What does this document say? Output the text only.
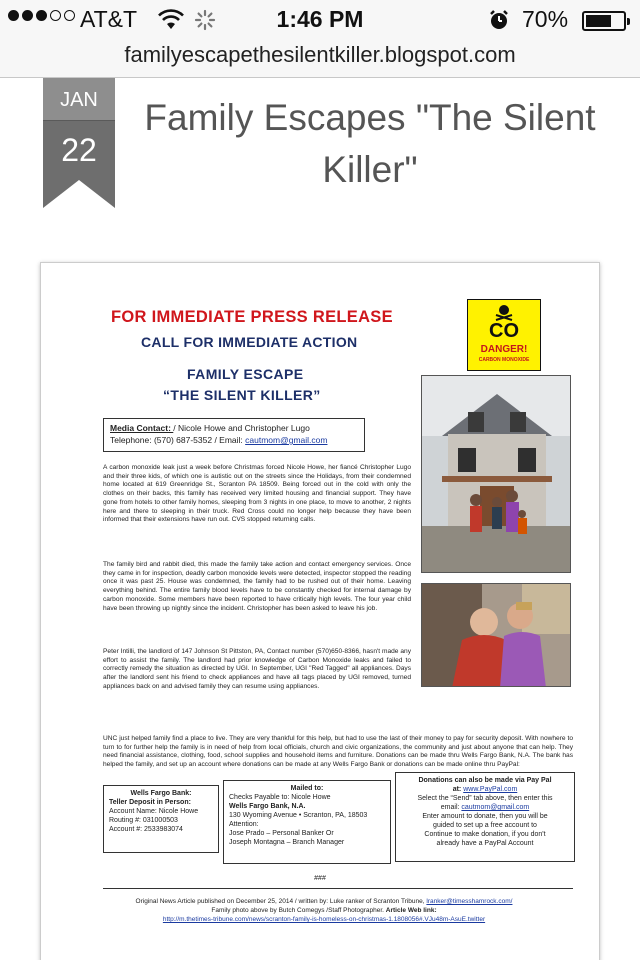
AT&T	1:46 PM	70%
familyescapethesilentkiller.blogspot.com
JAN
22
Family Escapes "The Silent Killer"
FOR IMMEDIATE PRESS RELEASE
CALL FOR IMMEDIATE ACTION
FAMILY ESCAPE
“THE SILENT KILLER”
CO
DANGER!
CARBON MONOXIDE
Media Contact: / Nicole Howe and Christopher Lugo
Telephone: (570) 687-5352 / Email: cautmom@gmail.com
A carbon monoxide leak just a week before Christmas forced Nicole Howe, her fiancé Christopher Lugo and their three kids, of which one is autistic out on the streets since the Holidays, from their condemned home located at 619 Greenridge St., Scranton PA 18509. Being forced out in the cold with only the clothes on their backs, this family has received very limited housing and financial support. They have gone from hotels to other family homes, sleeping from 3 nights in one place, to move to another, 2 nights here and there to sleeping in their truck. Red Cross could no longer help because they have been informed that their extensions have run out. CVS stopped returning calls.
The family bird and rabbit died, this made the family take action and contact emergency services. Once they came in for inspection, deadly carbon monoxide levels were detected, inspector stopped the reading once it was past 25. House was condemned, the family had to be rushed out of their home. Leaving everything behind. The entire family blood levels have to be constantly checked for internal damage by carbon monoxide. Some members have been reported to have critically high levels. The four year child have been throwing up nightly since the incident. Christopher has been asked to leave his job.
Peter Intilli, the landlord of 147 Johnson St Pittston, PA, Contact number (570)650-8366, hasn't made any effort to assist the family. The landlord had prior knowledge of Carbon Monoxide leaks and failed to correctly remedy the situation as directed by UGI. In September, UGI "Red Tagged" all appliances. Days after the landlord sent his friend to check appliances and have all tags placed by UGI removed, turned appliances back on and advised family they can resume using appliances.
UNC just helped family find a place to live. They are very thankful for this help, but had to use the last of their money to pay for security deposit. With nowhere to turn to for further help the family is in need of help from local officials, church and civic organizations, the community and just about anyone that can help. They need financial assistance, clothing, food, school supplies and household items and furniture. Donations can be made thru Wells Fargo Bank, N.A. The bank has helped the family, and set up an account where donations can be made at any Wells Fargo Bank or donations can be made online thru PayPal:
Wells Fargo Bank:
Teller Deposit in Person:
Account Name: Nicole Howe
Routing #: 031000503
Account #: 2533983074
Mailed to:
Checks Payable to: Nicole Howe
Wells Fargo Bank, N.A.
130 Wyoming Avenue • Scranton, PA, 18503
Attention:
Jose Prado – Personal Banker Or
Joseph Montagna – Branch Manager
Donations can also be made via Pay Pal
at: www.PayPal.com
Select the “Send” tab above, then enter this
email: cautmom@gmail.com
Enter amount to donate, then you will be
guided to set up a free account to
Continue to make donation, if you don't
already have a PayPal Account
###
Original News Article published on December 25, 2014 / written by: Luke ranker of Scranton Tribune, lranker@timesshamrock.com/
Family photo above by Butch Comegys /Staff Photographer. Article Web link:
http://m.thetimes-tribune.com/news/scranton-family-is-homeless-on-christmas-1.1808056#.VJu48m-AsuE.twitter
